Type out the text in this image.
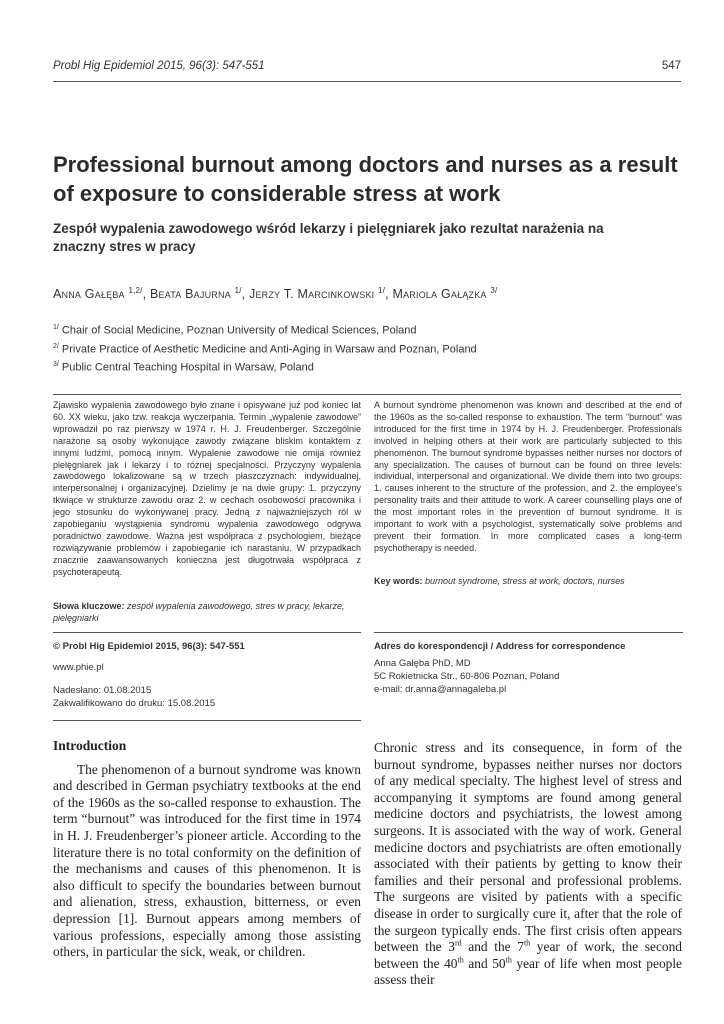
Probl Hig Epidemiol 2015, 96(3): 547-551	547
Professional burnout among doctors and nurses as a result of exposure to considerable stress at work
Zespół wypalenia zawodowego wśród lekarzy i pielęgniarek jako rezultat narażenia na znaczny stres w pracy
Anna Gałęba $^{1,2/}$, Beata Bajurna $^{1/}$, Jerzy T. Marcinkowski $^{1/}$, Mariola Gałązka $^{3/}$
$^{1/}$ Chair of Social Medicine, Poznan University of Medical Sciences, Poland
$^{2/}$ Private Practice of Aesthetic Medicine and Anti-Aging in Warsaw and Poznan, Poland
$^{3/}$ Public Central Teaching Hospital in Warsaw, Poland
Zjawisko wypalenia zawodowego było znane i opisywane już pod koniec lat 60. XX wieku, jako tzw. reakcja wyczerpania. Termin „wypalenie zawodowe” wprowadził po raz pierwszy w 1974 r. H. J. Freudenberger. Szczególnie narażone są osoby wykonujące zawody związane bliskim kontaktem z innymi ludźmi, pomocą innym. Wypalenie zawodowe nie omija również pielęgniarek jak i lekarzy i to różnej specjalności. Przyczyny wypalenia zawodowego lokalizowane są w trzech płaszczyznach: indywidualnej, interpersonalnej i organizacyjnej. Dzielimy je na dwie grupy: 1. przyczyny tkwiące w strukturze zawodu oraz 2. w cechach osobowości pracownika i jego stosunku do wykonywanej pracy. Jedną z najważniejszych ról w zapobieganiu wystąpienia syndromu wypalenia zawodowego odgrywa poradnictwo zawodowe. Ważna jest współpraca z psychologiem, bieżące rozwiązywanie problemów i zapobieganie ich narastaniu. W przypadkach znacznie zaawansowanych konieczna jest długotrwała współpraca z psychoterapeutą.
Słowa kluczowe: zespół wypalenia zawodowego, stres w pracy, lekarze, pielęgniarki
A burnout syndrome phenomenon was known and described at the end of the 1960s as the so-called response to exhaustion. The term “burnout” was introduced for the first time in 1974 by H. J. Freudenberger. Professionals involved in helping others at their work are particularly subjected to this phenomenon. The burnout syndrome bypasses neither nurses nor doctors of any specialization. The causes of burnout can be found on three levels: individual, interpersonal and organizational. We divide them into two groups: 1. causes inherent to the structure of the profession, and 2. the employee’s personality traits and their attitude to work. A career counselling plays one of the most important roles in the prevention of burnout syndrome. It is important to work with a psychologist, systematically solve problems and prevent their formation. In more complicated cases a long-term psychotherapy is needed.
Key words: burnout syndrome, stress at work, doctors, nurses
© Probl Hig Epidemiol 2015, 96(3): 547-551
www.phie.pl
Nadesłano: 01.08.2015
Zakwalifikowano do druku: 15.08.2015
Adres do korespondencji / Address for correspondence
Anna Gałęba PhD, MD
5C Rokietnicka Str., 60-806 Poznan, Poland
e-mail: dr.anna@annagaleba.pl
Introduction

The phenomenon of a burnout syndrome was known and described in German psychiatry textbooks at the end of the 1960s as the so-called response to exhaustion. The term “burnout” was introduced for the first time in 1974 in H. J. Freudenberger’s pioneer article. According to the literature there is no total conformity on the definition of the mechanisms and causes of this phenomenon. It is also difficult to specify the boundaries between burnout and alienation, stress, exhaustion, bitterness, or even depression [1]. Burnout appears among members of various professions, especially among those assisting others, in particular the sick, weak, or children.

Chronic stress and its consequence, in form of the burnout syndrome, bypasses neither nurses nor doctors of any medical specialty. The highest level of stress and accompanying it symptoms are found among general medicine doctors and psychiatrists, the lowest among surgeons. It is associated with the way of work. General medicine doctors and psychiatrists are often emotionally associated with their patients by getting to know their families and their personal and professional problems. The surgeons are visited by patients with a specific disease in order to surgically cure it, after that the role of the surgeon typically ends. The first crisis often appears between the 3rd and the 7th year of work, the second between the 40th and 50th year of life when most people assess their
